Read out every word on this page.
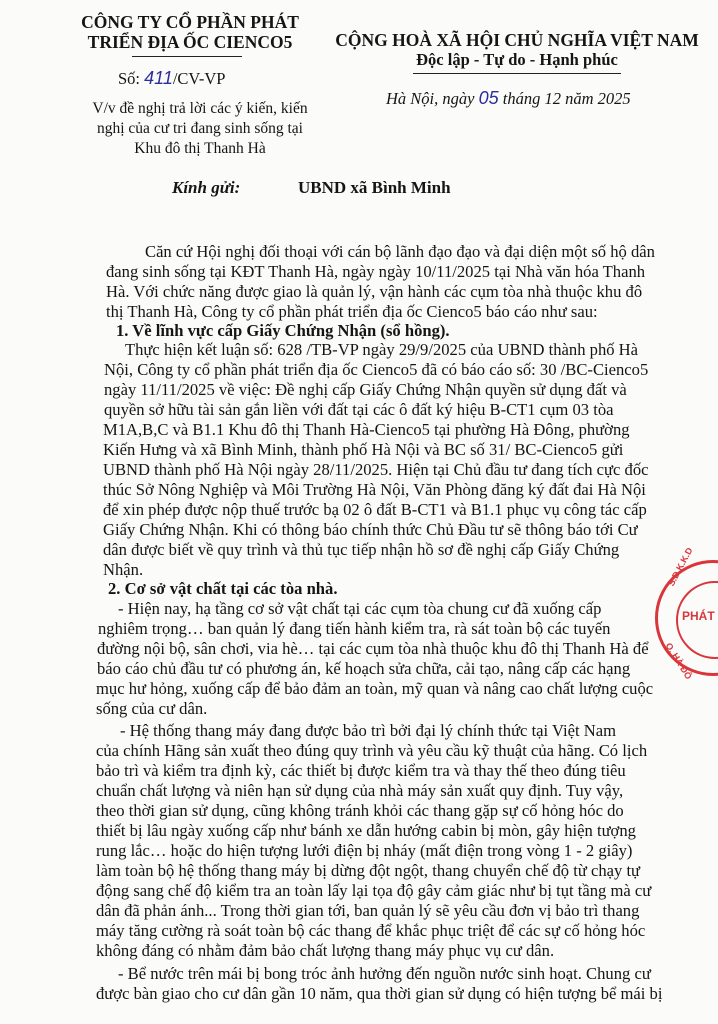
CÔNG TY CỔ PHẦN PHÁT
TRIỂN ĐỊA ỐC CIENCO5
Số: 411/CV-VP
V/v đề nghị trả lời các ý kiến, kiến
nghị của cư tri đang sinh sống tại
Khu đô thị Thanh Hà
CỘNG HOÀ XÃ HỘI CHỦ NGHĨA VIỆT NAM
Độc lập - Tự do - Hạnh phúc
Hà Nội, ngày 05 tháng 12 năm 2025
Kính gửi:	UBND xã Bình Minh
Căn cứ Hội nghị đối thoại với cán bộ lãnh đạo đạo và đại diện một số hộ dân
đang sinh sống tại KĐT Thanh Hà, ngày ngày 10/11/2025 tại Nhà văn hóa Thanh
Hà. Với chức năng được giao là quản lý, vận hành các cụm tòa nhà thuộc khu đô
thị Thanh Hà, Công ty cổ phần phát triển địa ốc Cienco5 báo cáo như sau:
1. Về lĩnh vực cấp Giấy Chứng Nhận (sổ hồng).
Thực hiện kết luận số: 628 /TB-VP ngày 29/9/2025 của UBND thành phố Hà
Nội, Công ty cổ phần phát triển địa ốc Cienco5 đã có báo cáo số: 30 /BC-Cienco5
ngày 11/11/2025 về việc: Đề nghị cấp Giấy Chứng Nhận quyền sử dụng đất và
quyền sở hữu tài sản gắn liền với đất tại các ô đất ký hiệu B-CT1 cụm 03 tòa
M1A,B,C và B1.1 Khu đô thị Thanh Hà-Cienco5 tại phường Hà Đông, phường
Kiến Hưng và xã Bình Minh, thành phố Hà Nội và BC số 31/ BC-Cienco5 gửi
UBND thành phố Hà Nội ngày 28/11/2025. Hiện tại Chủ đầu tư đang tích cực đốc
thúc Sở Nông Nghiệp và Môi Trường Hà Nội, Văn Phòng đăng ký đất đai Hà Nội
để xin phép được nộp thuế trước bạ 02 ô đất B-CT1 và B1.1 phục vụ công tác cấp
Giấy Chứng Nhận. Khi có thông báo chính thức Chủ Đầu tư sẽ thông báo tới Cư
dân được biết về quy trình và thủ tục tiếp nhận hồ sơ đề nghị cấp Giấy Chứng
Nhận.
2. Cơ sở vật chất tại các tòa nhà.
- Hiện nay, hạ tầng cơ sở vật chất tại các cụm tòa chung cư đã xuống cấp
nghiêm trọng… ban quản lý đang tiến hành kiểm tra, rà sát toàn bộ các tuyến
đường nội bộ, sân chơi, via hè… tại các cụm tòa nhà thuộc khu đô thị Thanh Hà để
báo cáo chủ đầu tư có phương án, kế hoạch sửa chữa, cải tạo, nâng cấp các hạng
mục hư hỏng, xuống cấp để bảo đảm an toàn, mỹ quan và nâng cao chất lượng cuộc
sống của cư dân.
- Hệ thống thang máy đang được bảo trì bởi đại lý chính thức tại Việt Nam
của chính Hãng sản xuất theo đúng quy trình và yêu cầu kỹ thuật của hãng. Có lịch
bảo trì và kiểm tra định kỳ, các thiết bị được kiểm tra và thay thế theo đúng tiêu
chuẩn chất lượng và niên hạn sử dụng của nhà máy sản xuất quy định. Tuy vậy,
theo thời gian sử dụng, cũng không tránh khỏi các thang gặp sự cố hỏng hóc do
thiết bị lâu ngày xuống cấp như bánh xe dẫn hướng cabin bị mòn, gây hiện tượng
rung lắc… hoặc do hiện tượng lưới điện bị nháy (mất điện trong vòng 1 - 2 giây)
làm toàn bộ hệ thống thang máy bị dừng đột ngột, thang chuyển chế độ từ chạy tự
động sang chế độ kiểm tra an toàn lấy lại tọa độ gây cảm giác như bị tụt tầng mà cư
dân đã phản ánh... Trong thời gian tới, ban quản lý sẽ yêu cầu đơn vị bảo trì thang
máy tăng cường rà soát toàn bộ các thang để khắc phục triệt để các sự cố hỏng hóc
không đáng có nhằm đảm bảo chất lượng thang máy phục vụ cư dân.
- Bể nước trên mái bị bong tróc ảnh hưởng đến nguồn nước sinh hoạt. Chung cư
được bàn giao cho cư dân gần 10 năm, qua thời gian sử dụng có hiện tượng bể mái bị
S.Đ.K.K.D
PHÁT
Q. HÀ ĐÔ
